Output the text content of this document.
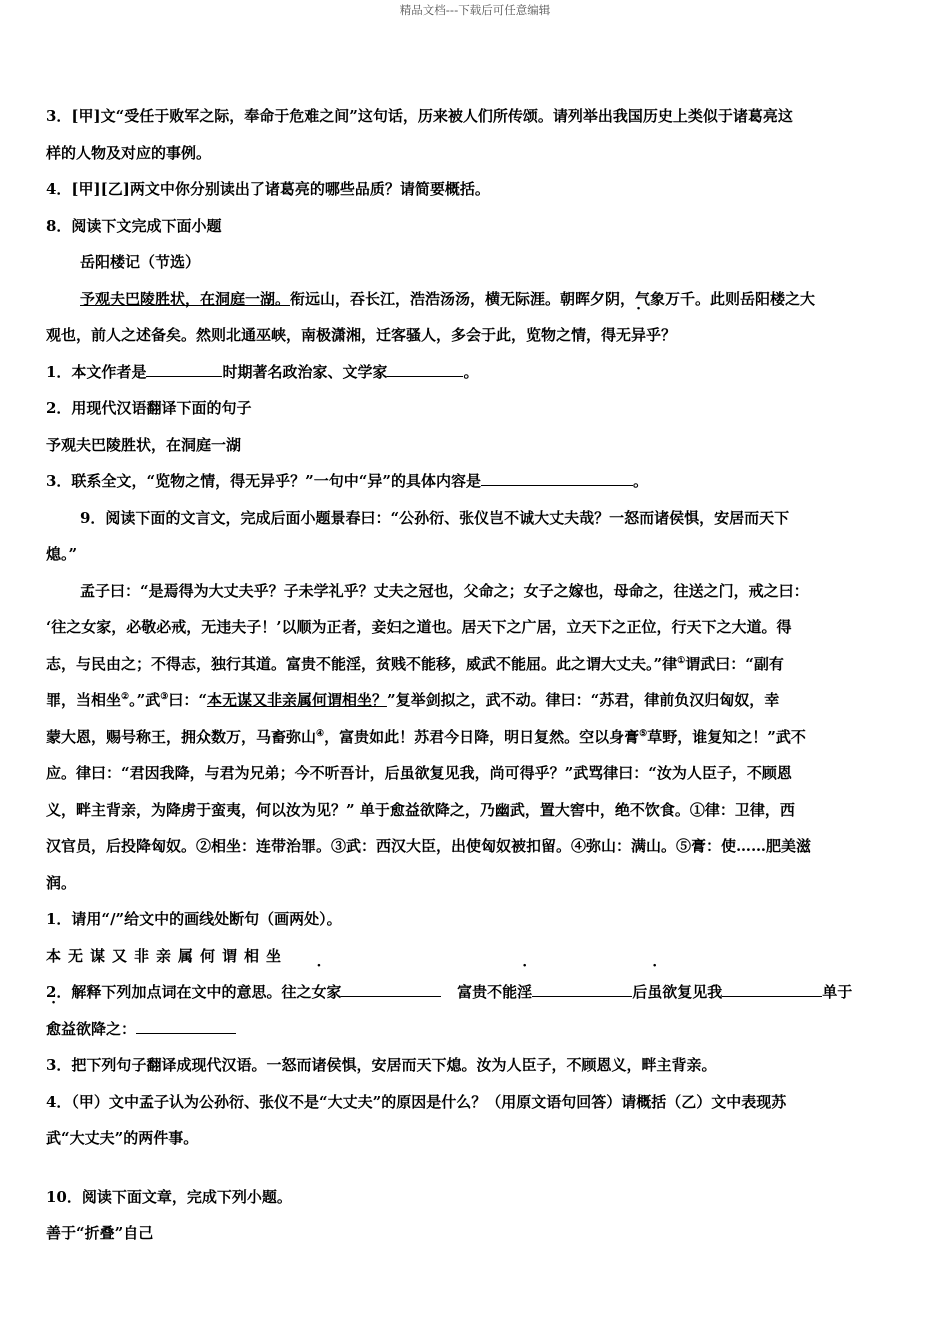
精品文档---下载后可任意编辑

3．[甲]文“受任于败军之际，奉命于危难之间”这句话，历来被人们所传颂。请列举出我国历史上类似于诸葛亮这

样的人物及对应的事例。

4．[甲][乙]两文中你分别读出了诸葛亮的哪些品质？请简要概括。

8．阅读下文完成下面小题

岳阳楼记（节选）

予观夫巴陵胜状，在洞庭一湖。衔远山，吞长江，浩浩汤汤，横无际涯。朝晖夕阴，气象万千。此则岳阳楼之大

观也，前人之述备矣。然则北通巫峡，南极潇湘，迁客骚人，多会于此，览物之情，得无异乎？

1．本文作者是	时期著名政治家、文学家	。

2．用现代汉语翻译下面的句子

予观夫巴陵胜状，在洞庭一湖

3．联系全文，“览物之情，得无异乎？”一句中“异”的具体内容是	。

9．阅读下面的文言文，完成后面小题景春曰：“公孙衍、张仪岂不诚大丈夫哉？一怒而诸侯惧，安居而天下

熄。”

孟子曰：“是焉得为大丈夫乎？子未学礼乎？丈夫之冠也，父命之；女子之嫁也，母命之，往送之门，戒之曰：

‘往之女家，必敬必戒，无违夫子！’以顺为正者，妾妇之道也。居天下之广居，立天下之正位，行天下之大道。得

志，与民由之；不得志，独行其道。富贵不能淫，贫贱不能移，威武不能屈。此之谓大丈夫。”律①谓武曰：“副有

罪，当相坐②。”武③曰：“本无谋又非亲属何谓相坐？”复举剑拟之，武不动。律曰：“苏君，律前负汉归匈奴，幸

蒙大恩，赐号称王，拥众数万，马畜弥山④，富贵如此！苏君今日降，明日复然。空以身膏⑤草野，谁复知之！”武不

应。律曰：“君因我降，与君为兄弟；今不听吾计，后虽欲复见我，尚可得乎？”武骂律曰：“汝为人臣子，不顾恩

义，畔主背亲，为降虏于蛮夷，何以汝为见？” 单于愈益欲降之，乃幽武，置大窖中，绝不饮食。①律：卫律，西

汉官员，后投降匈奴。②相坐：连带治罪。③武：西汉大臣，出使匈奴被扣留。④弥山：满山。⑤膏：使……肥美滋

润。

1．请用“/”给文中的画线处断句（画两处）。

本无谋又非亲属何谓相坐

2．解释下列加点词在文中的意思。往之女家	富贵不能淫	后虽欲复见我	单于

愈益欲降之：

3．把下列句子翻译成现代汉语。一怒而诸侯惧，安居而天下熄。汝为人臣子，不顾恩义，畔主背亲。

4．（甲）文中孟子认为公孙衍、张仪不是“大丈夫”的原因是什么？（用原文语句回答）请概括（乙）文中表现苏

武“大丈夫”的两件事。

10．阅读下面文章，完成下列小题。

善于“折叠”自己
